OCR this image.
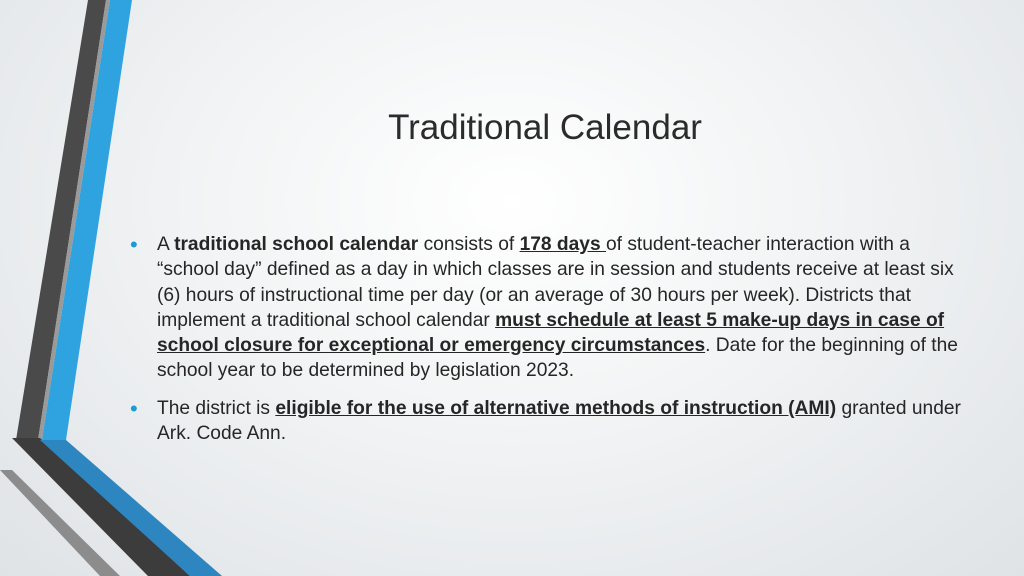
Traditional Calendar
• A traditional school calendar consists of 178 days of student-teacher interaction with a “school day” defined as a day in which classes are in session and students receive at least six (6) hours of instructional time per day (or an average of 30 hours per week). Districts that implement a traditional school calendar must schedule at least 5 make-up days in case of school closure for exceptional or emergency circumstances. Date for the beginning of the school year to be determined by legislation 2023.
• The district is eligible for the use of alternative methods of instruction (AMI) granted under Ark. Code Ann.
